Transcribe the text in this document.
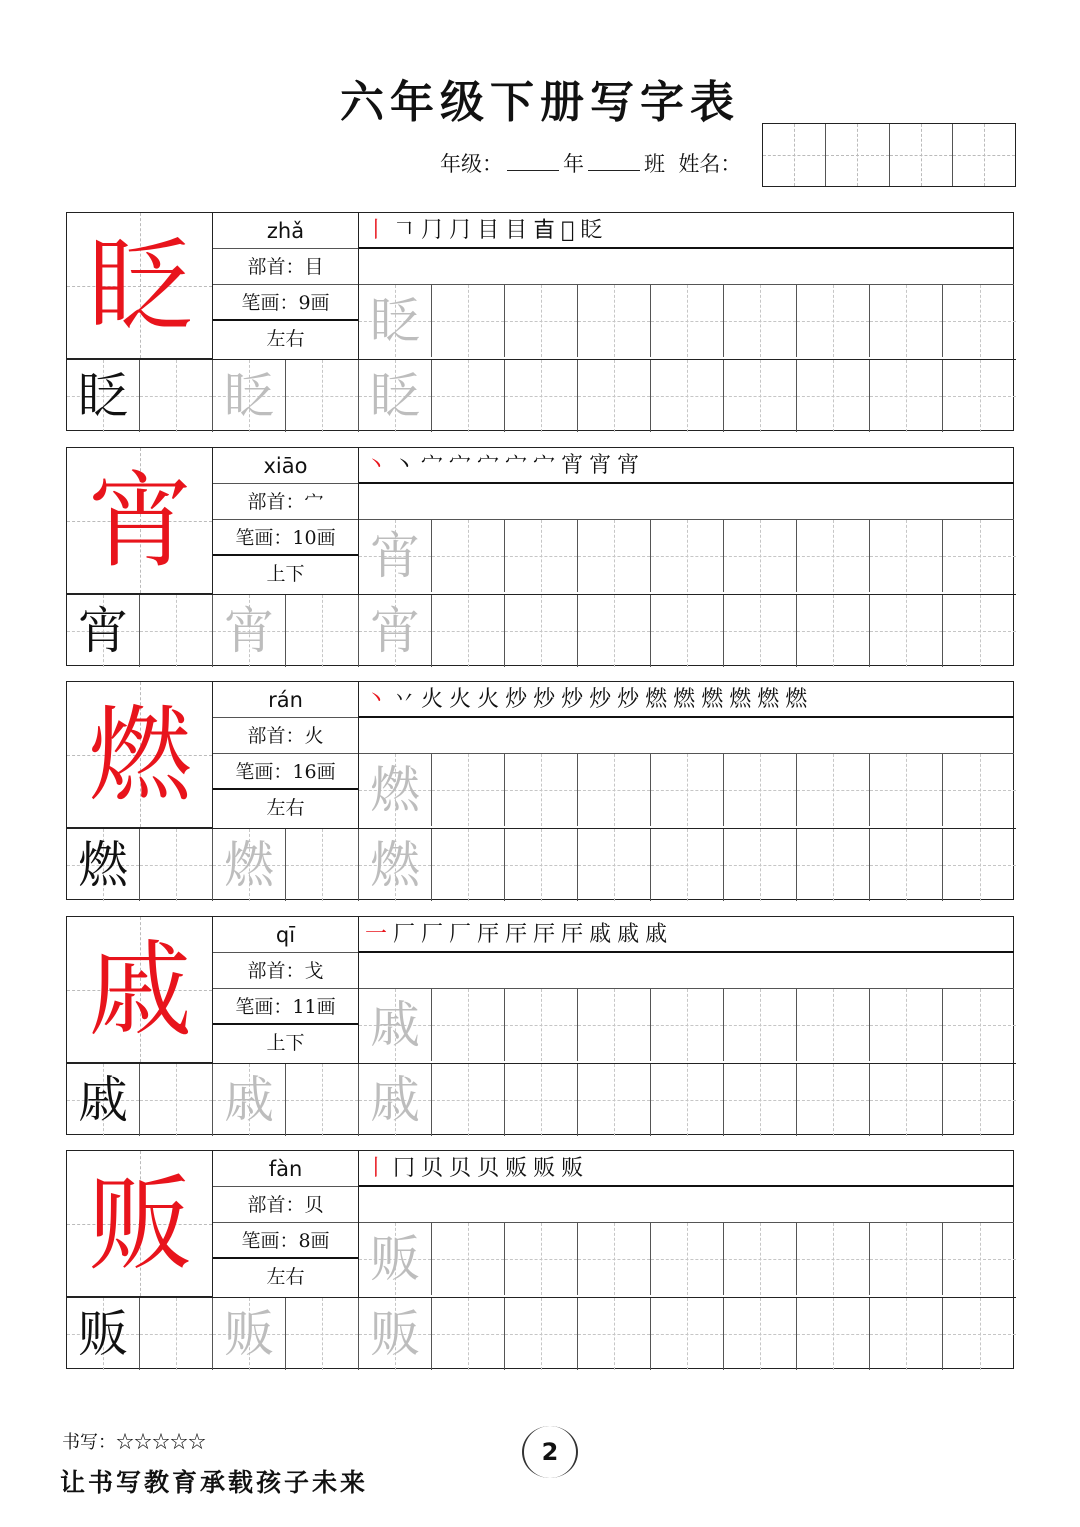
六年级下册写字表
年级：	年	班 姓名：
眨	zhǎ
部首：目
笔画：9画
左右
丨𠃍⺆⺆目目𥃭𥄂眨
眨
眨 眨 眨
宵	xiāo
部首：宀
笔画：10画
上下
丶丶宀宀宀宀宀宵宵宵
宵
宵 宵 宵
燃	rán
部首：火
笔画：16画
左右
丶丷火火火炒炒炒炒炒燃燃燃燃燃燃
燃
燃 燃 燃
戚	qī
部首：戈
笔画：11画
上下
一厂厂厂厈厈厈厈戚戚戚
戚
戚 戚 戚
贩	fàn
部首：贝
笔画：8画
左右
丨冂贝贝贝贩贩贩
贩
贩 贩 贩
书写：☆☆☆☆☆	2
让书写教育承载孩子未来
